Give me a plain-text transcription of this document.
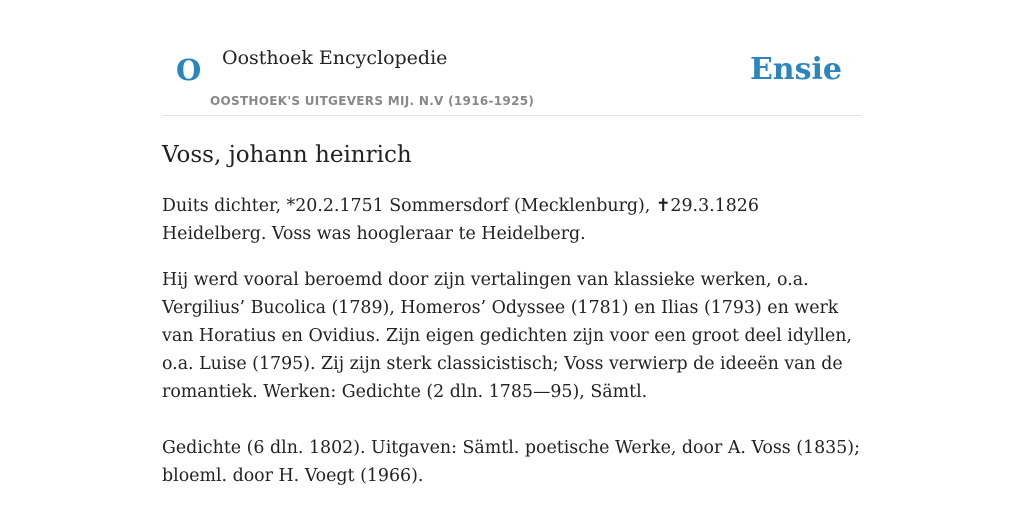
O Oosthoek Encyclopedie
OOSTHOEK'S UITGEVERS MIJ. N.V (1916-1925)
Ensie
Voss, johann heinrich

Duits dichter, *20.2.1751 Sommersdorf (Mecklenburg), ✝29.3.1826 Heidelberg. Voss was hoogleraar te Heidelberg.

Hij werd vooral beroemd door zijn vertalingen van klassieke werken, o.a. Vergilius’ Bucolica (1789), Homeros’ Odyssee (1781) en Ilias (1793) en werk van Horatius en Ovidius. Zijn eigen gedichten zijn voor een groot deel idyllen, o.a. Luise (1795). Zij zijn sterk classicistisch; Voss verwierp de ideeën van de romantiek. Werken: Gedichte (2 dln. 1785—95), Sämtl.

Gedichte (6 dln. 1802). Uitgaven: Sämtl. poetische Werke, door A. Voss (1835); bloeml. door H. Voegt (1966).
